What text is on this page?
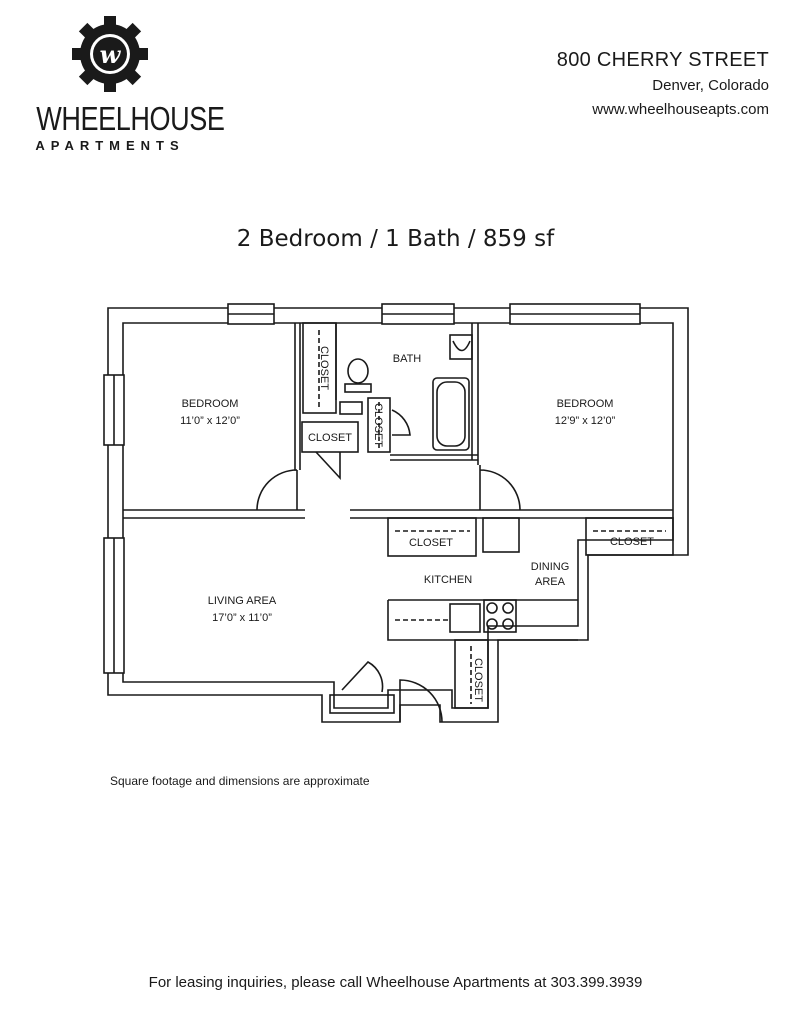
w
WHEELHOUSE
APARTMENTS
800 CHERRY STREET
Denver, Colorado
www.wheelhouseapts.com
2 Bedroom / 1 Bath / 859 sf
BEDROOM
11’0” x 12’0”
BEDROOM
12’9” x 12’0”
LIVING AREA
17’0” x 11’0”
BATH
KITCHEN
DINING
AREA
CLOSET
CLOSET	CLOSET
CLOSET
CLOSET
CLOSET
Square footage and dimensions are approximate
For leasing inquiries, please call Wheelhouse Apartments at 303.399.3939
